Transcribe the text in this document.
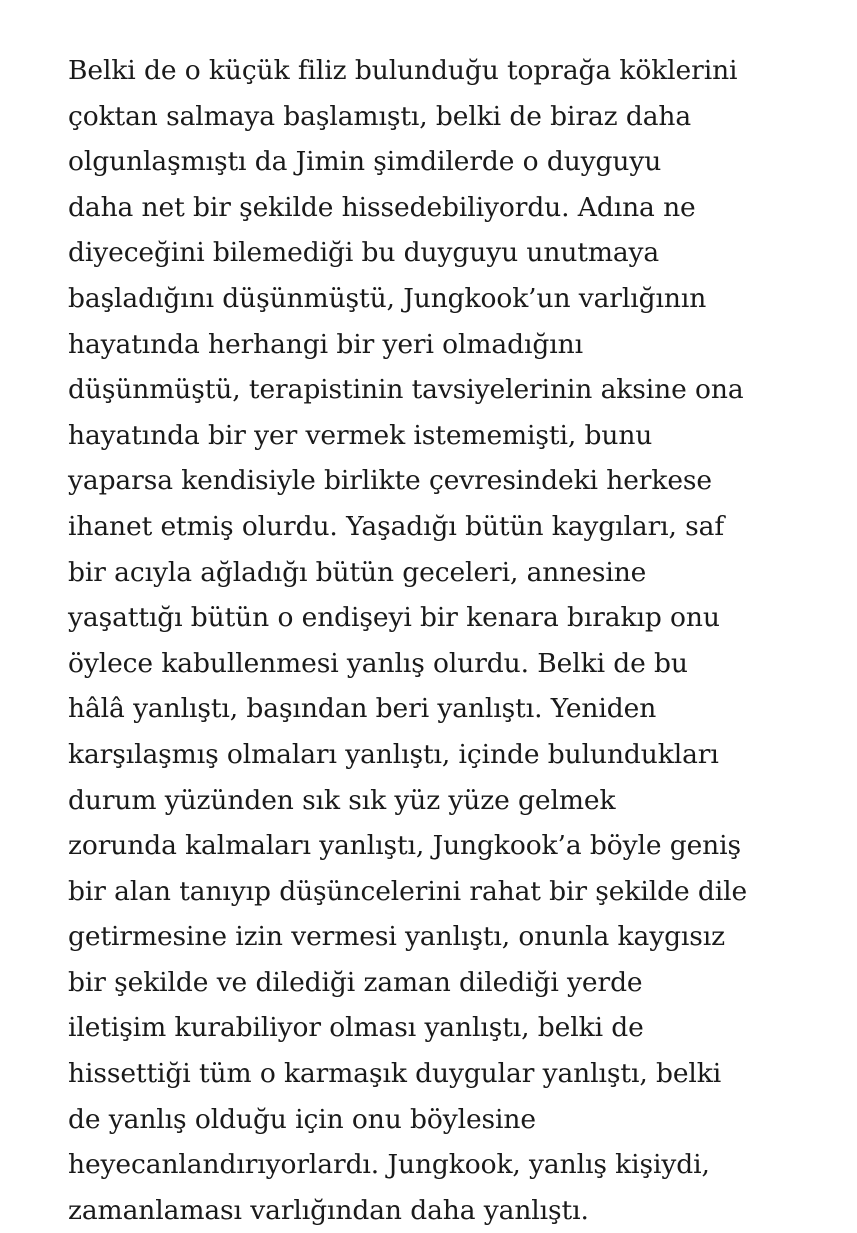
Belki de o küçük filiz bulunduğu toprağa köklerini
çoktan salmaya başlamıştı, belki de biraz daha
olgunlaşmıştı da Jimin şimdilerde o duyguyu
daha net bir şekilde hissedebiliyordu. Adına ne
diyeceğini bilemediği bu duyguyu unutmaya
başladığını düşünmüştü, Jungkook’un varlığının
hayatında herhangi bir yeri olmadığını
düşünmüştü, terapistinin tavsiyelerinin aksine ona
hayatında bir yer vermek istememişti, bunu
yaparsa kendisiyle birlikte çevresindeki herkese
ihanet etmiş olurdu. Yaşadığı bütün kaygıları, saf
bir acıyla ağladığı bütün geceleri, annesine
yaşattığı bütün o endişeyi bir kenara bırakıp onu
öylece kabullenmesi yanlış olurdu. Belki de bu
hâlâ yanlıştı, başından beri yanlıştı. Yeniden
karşılaşmış olmaları yanlıştı, içinde bulundukları
durum yüzünden sık sık yüz yüze gelmek
zorunda kalmaları yanlıştı, Jungkook’a böyle geniş
bir alan tanıyıp düşüncelerini rahat bir şekilde dile
getirmesine izin vermesi yanlıştı, onunla kaygısız
bir şekilde ve dilediği zaman dilediği yerde
iletişim kurabiliyor olması yanlıştı, belki de
hissettiği tüm o karmaşık duygular yanlıştı, belki
de yanlış olduğu için onu böylesine
heyecanlandırıyorlardı. Jungkook, yanlış kişiydi,
zamanlaması varlığından daha yanlıştı.
